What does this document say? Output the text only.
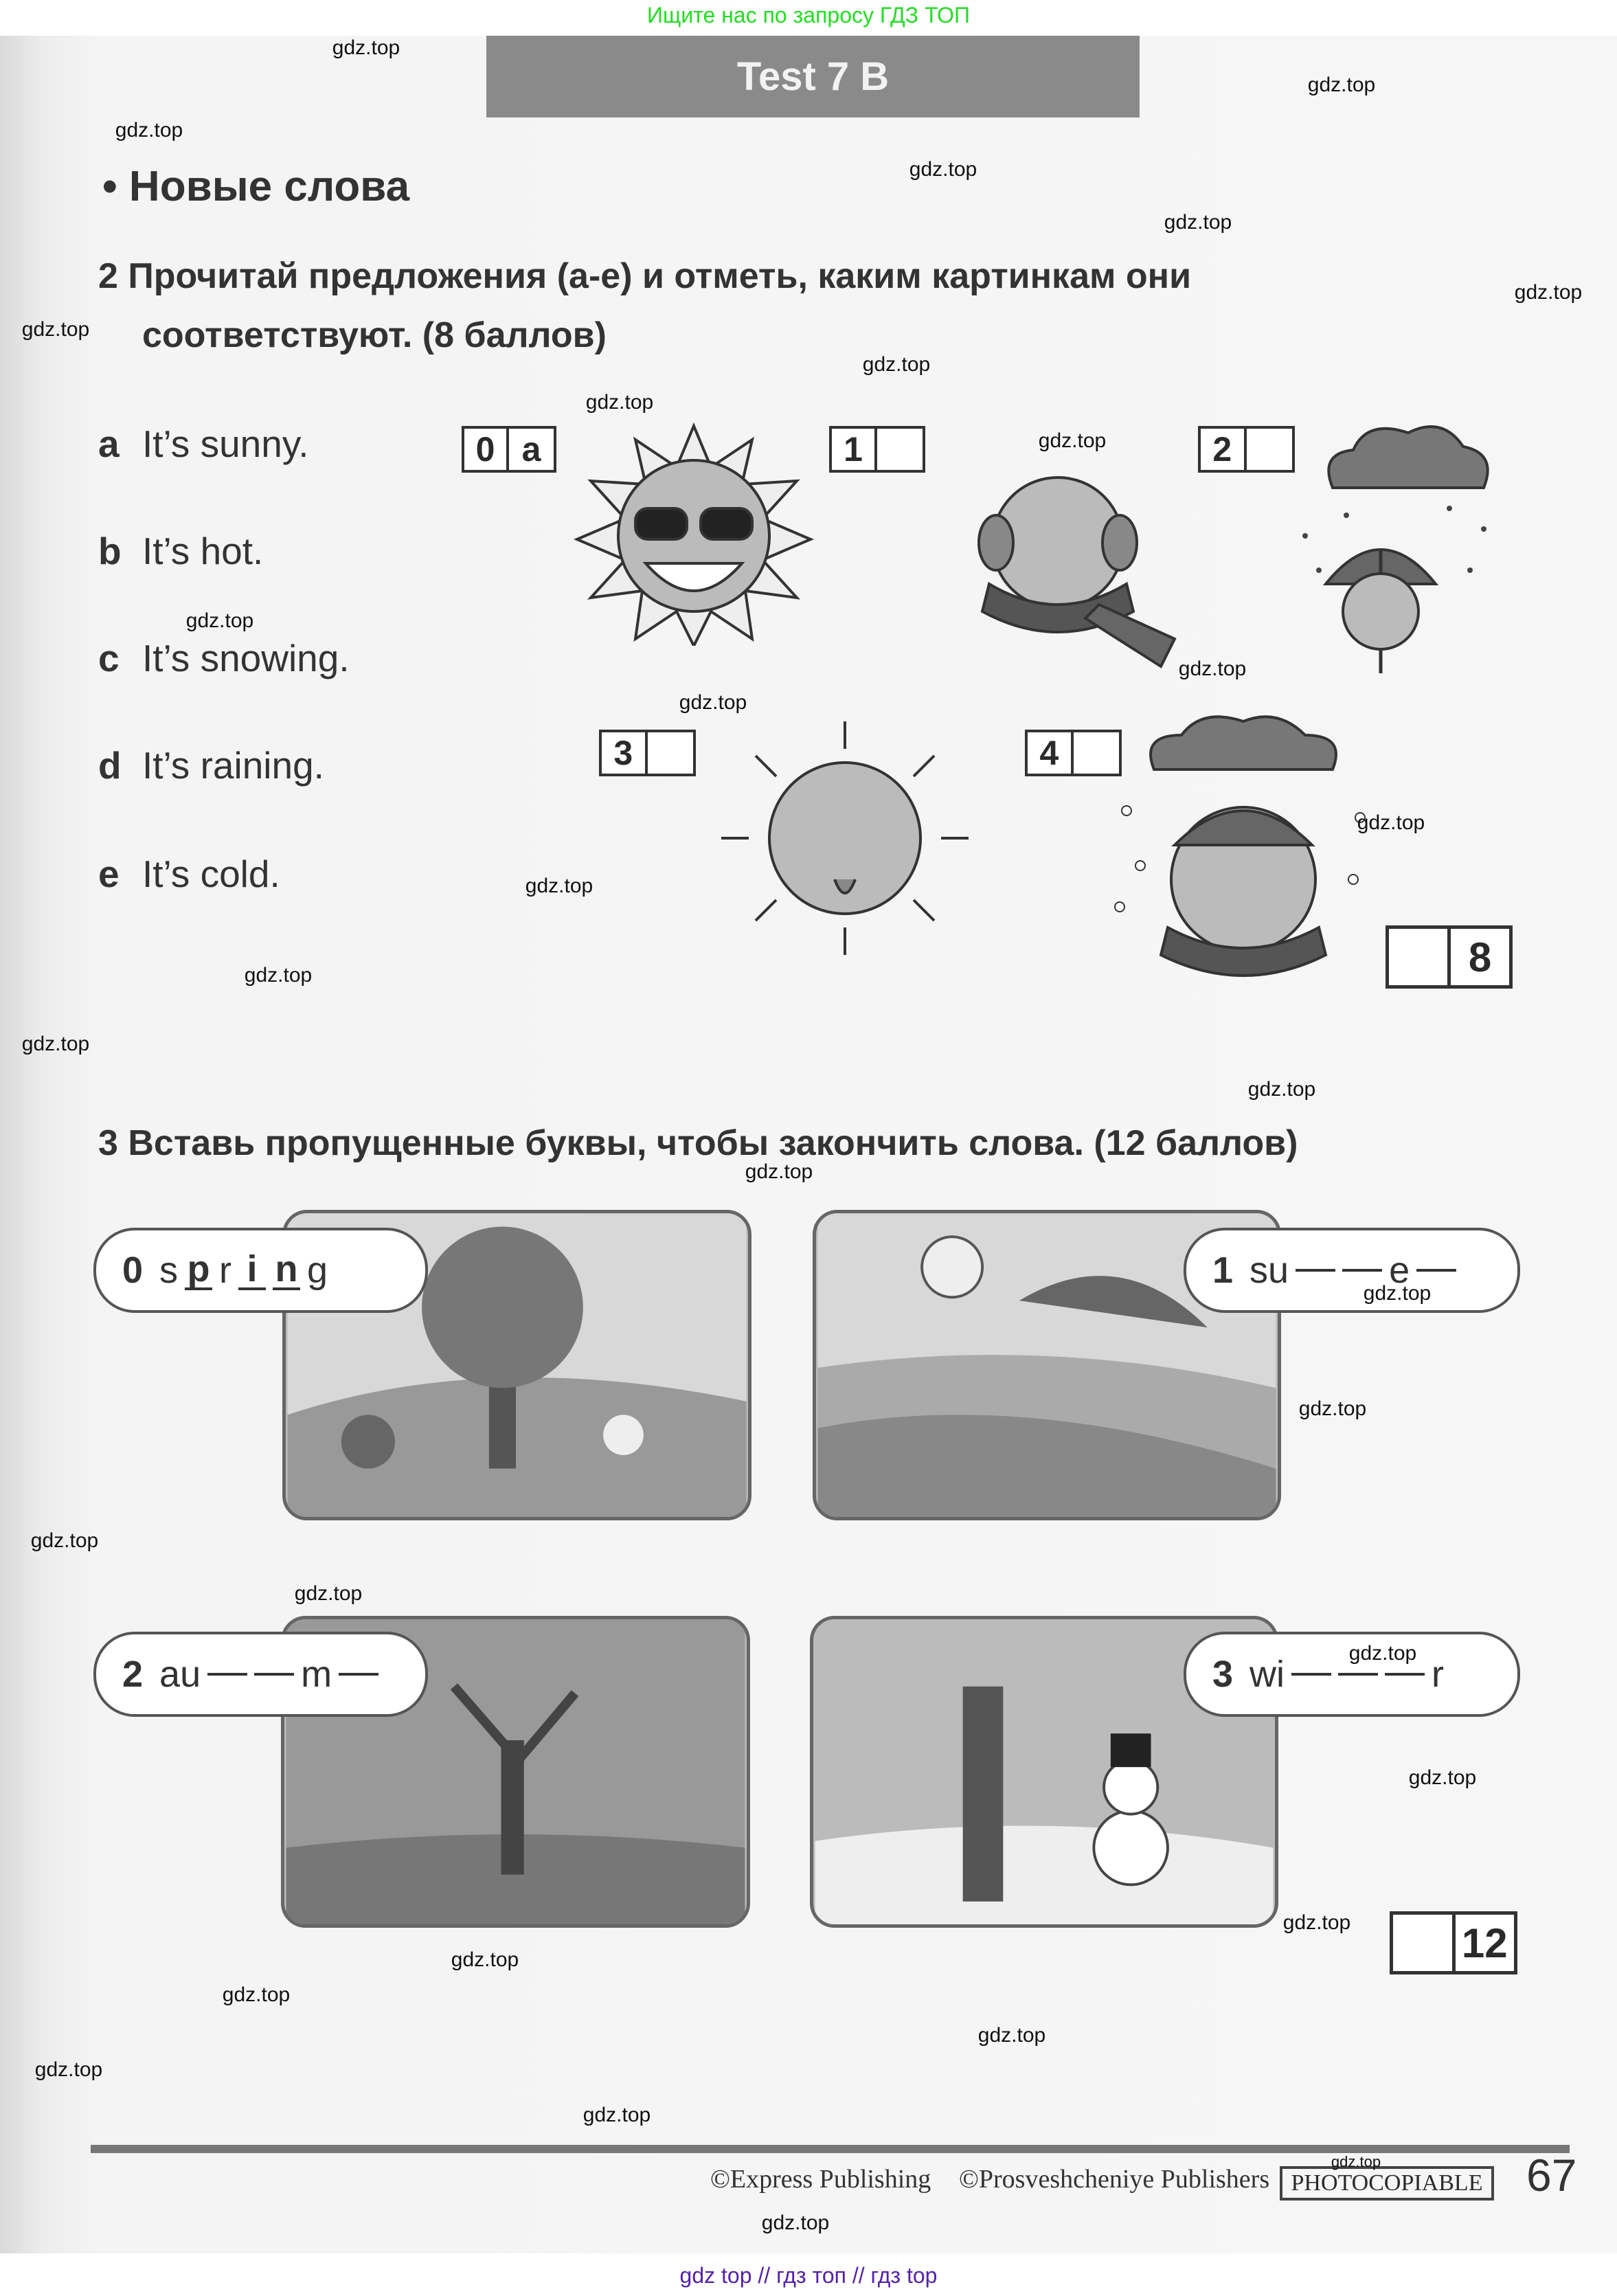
Ищите нас по запросу ГДЗ ТОП
Test 7 B
• Новые слова
2 Прочитай предложения (a-e) и отметь, каким картинкам они
соответствуют. (8 баллов)
a It’s sunny.
b It’s hot.
c It’s snowing.
d It’s raining.
e It’s cold.
0 a	1	2
3	4
8
3 Вставь пропущенные буквы, чтобы закончить слова. (12 баллов)
0 s p r i n g	1 su	e
2 au	m	3 wi	r
12
©Express Publishing ©Prosveshcheniye Publishers PHOTOCOPIABLE 67
gdz top // гдз топ // гдз top
gdz.top
gdz.top
gdz.top
gdz.top
gdz.top
gdz.top
gdz.top
gdz.top
gdz.top
gdz.top
gdz.top
gdz.top
gdz.top
gdz.top
gdz.top
gdz.top
gdz.top
gdz.top
gdz.top
gdz.top
gdz.top
gdz.top
gdz.top
gdz.top
gdz.top
gdz.top
gdz.top
gdz.top
gdz.top
gdz.top
gdz.top
gdz.top
gdz.top
